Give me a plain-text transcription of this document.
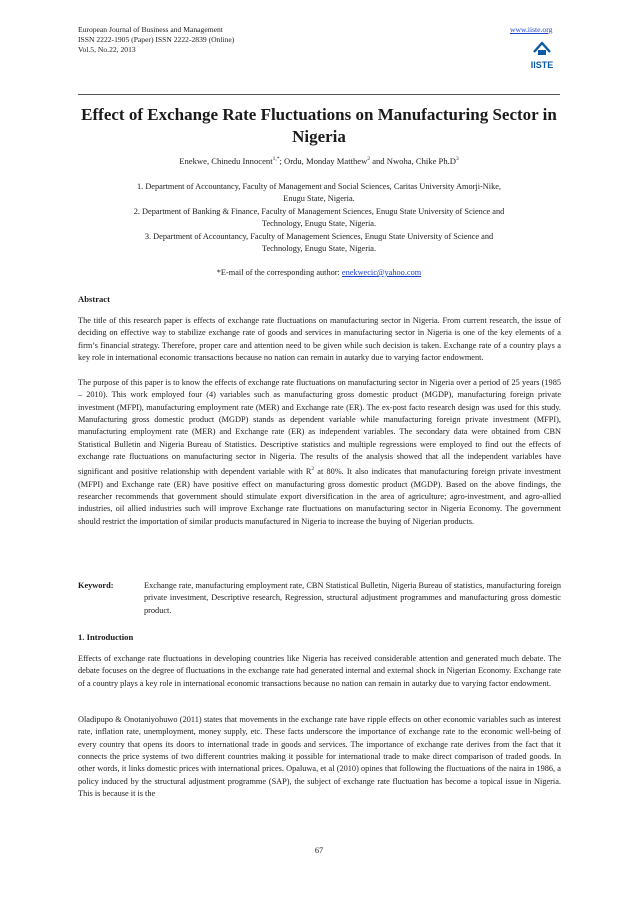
European Journal of Business and Management
ISSN 2222-1905 (Paper) ISSN 2222-2839 (Online)
Vol.5, No.22, 2013
www.iiste.org
IISTE
Effect of Exchange Rate Fluctuations on Manufacturing Sector in
Nigeria
Enekwe, Chinedu Innocent$^{1,*}$; Ordu, Monday Matthew$^2$ and Nwoha, Chike $Ph.D^3$
1. Department of Accountancy, Faculty of Management and Social Sciences, Caritas University Amorji-Nike,
Enugu State, Nigeria.
2. Department of Banking & Finance, Faculty of Management Sciences, Enugu State University of Science and
Technology, Enugu State, Nigeria.
3. Department of Accountancy, Faculty of Management Sciences, Enugu State University of Science and
Technology, Enugu State, Nigeria.
*E-mail of the corresponding author: enekwecic@yahoo.com
Abstract
The title of this research paper is effects of exchange rate fluctuations on manufacturing sector in Nigeria. From current research, the issue of deciding on effective way to stabilize exchange rate of goods and services in manufacturing sector in Nigeria is one of the key elements of a firm’s financial strategy. Therefore, proper care and attention need to be given while such decision is taken. Exchange rate of a country plays a key role in international economic transactions because no nation can remain in autarky due to varying factor endowment.
The purpose of this paper is to know the effects of exchange rate fluctuations on manufacturing sector in Nigeria over a period of 25 years (1985 – 2010). This work employed four (4) variables such as manufacturing gross domestic product (MGDP), manufacturing foreign private investment (MFPI), manufacturing employment rate (MER) and Exchange rate (ER). The ex-post facto research design was used for this study. Manufacturing gross domestic product (MGDP) stands as dependent variable while manufacturing foreign private investment (MFPI), manufacturing employment rate (MER) and Exchange rate (ER) as independent variables. The secondary data were obtained from CBN Statistical Bulletin and Nigeria Bureau of Statistics. Descriptive statistics and multiple regressions were employed to find out the effects of exchange rate fluctuations on manufacturing sector in Nigeria. The results of the analysis showed that all the independent variables have significant and positive relationship with dependent variable with $R^2$ at 80%. It also indicates that manufacturing foreign private investment (MFPI) and Exchange rate (ER) have positive effect on manufacturing gross domestic product (MGDP). Based on the above findings, the researcher recommends that government should stimulate export diversification in the area of agriculture; agro-investment, and agro-allied industries, oil allied industries such will improve Exchange rate fluctuations on manufacturing sector in Nigeria Economy. The government should restrict the importation of similar products manufactured in Nigeria to increase the buying of Nigerian products.
Keyword:	Exchange rate, manufacturing employment rate, CBN Statistical Bulletin, Nigeria Bureau of statistics, manufacturing foreign private investment, Descriptive research, Regression, structural adjustment programmes and manufacturing gross domestic product.
1. Introduction
Effects of exchange rate fluctuations in developing countries like Nigeria has received considerable attention and generated much debate. The debate focuses on the degree of fluctuations in the exchange rate had generated internal and external shock in Nigerian Economy. Exchange rate of a country plays a key role in international economic transactions because no nation can remain in autarky due to varying factor endowment.
Oladipupo & Onotaniyohuwo (2011) states that movements in the exchange rate have ripple effects on other economic variables such as interest rate, inflation rate, unemployment, money supply, etc. These facts underscore the importance of exchange rate to the economic well-being of every country that opens its doors to international trade in goods and services. The importance of exchange rate derives from the fact that it connects the price systems of two different countries making it possible for international trade to make direct comparison of traded goods. In other words, it links domestic prices with international prices. Opaluwa, et al (2010) opines that following the fluctuations of the naira in 1986, a policy induced by the structural adjustment programme (SAP), the subject of exchange rate fluctuation has become a topical issue in Nigeria. This is because it is the
67
